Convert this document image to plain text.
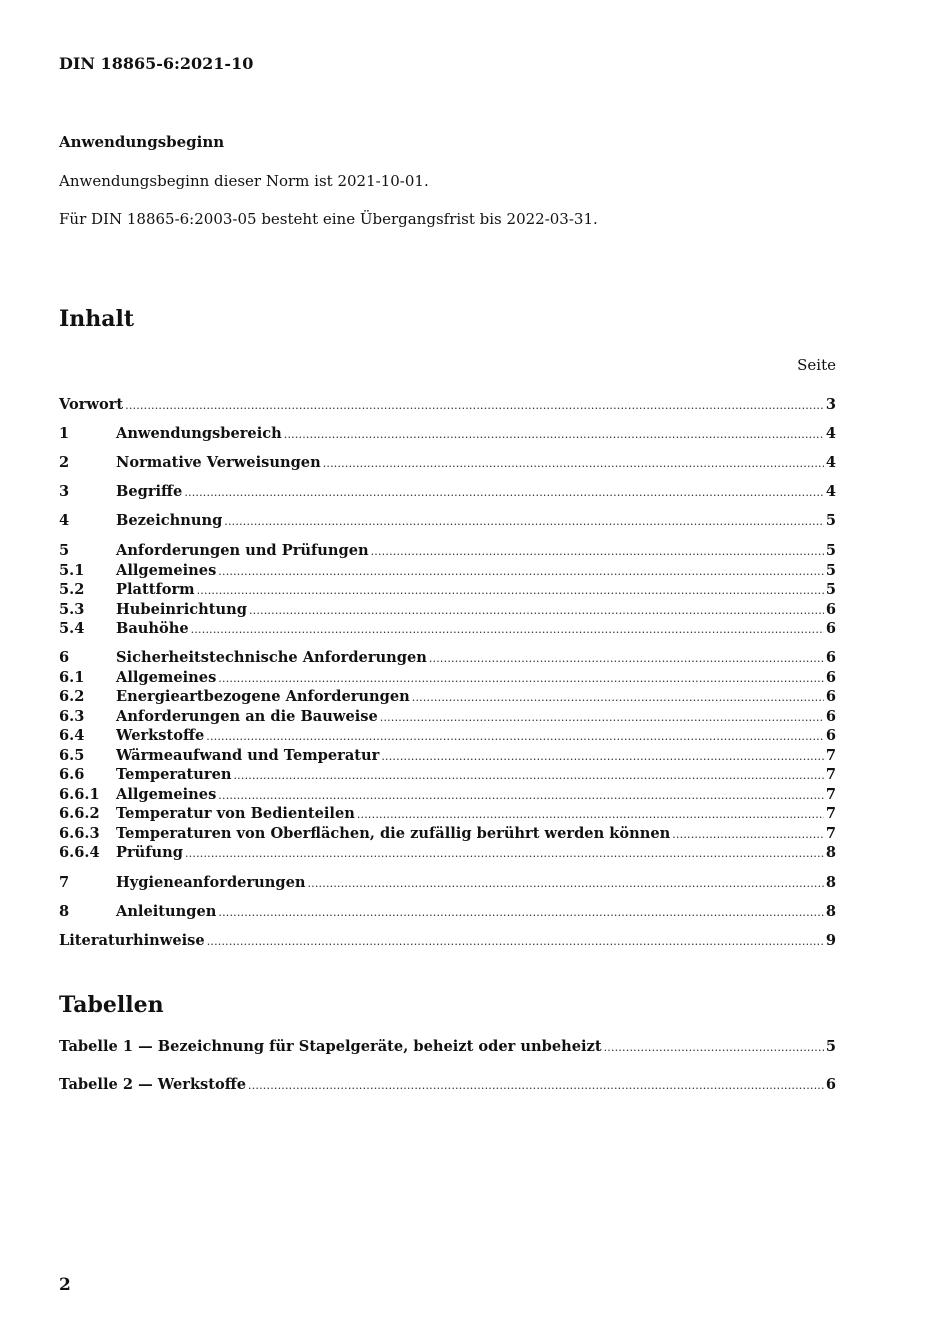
DIN 18865-6:2021-10
Anwendungsbeginn
Anwendungsbeginn dieser Norm ist 2021-10-01.
Für DIN 18865-6:2003-05 besteht eine Übergangsfrist bis 2022-03-31.
Inhalt
Seite
Vorwort .....	3
1	Anwendungsbereich .....	4
2	Normative Verweisungen .....	4
3	Begriffe .....	4
4	Bezeichnung .....	5
5	Anforderungen und Prüfungen .....	5
5.1	Allgemeines .....	5
5.2	Plattform .....	5
5.3	Hubeinrichtung .....	6
5.4	Bauhöhe .....	6
6	Sicherheitstechnische Anforderungen .....	6
6.1	Allgemeines .....	6
6.2	Energieartbezogene Anforderungen .....	6
6.3	Anforderungen an die Bauweise .....	6
6.4	Werkstoffe .....	6
6.5	Wärmeaufwand und Temperatur .....	7
6.6	Temperaturen .....	7
6.6.1	Allgemeines .....	7
6.6.2	Temperatur von Bedienteilen .....	7
6.6.3	Temperaturen von Oberflächen, die zufällig berührt werden können .....	7
6.6.4	Prüfung .....	8
7	Hygieneanforderungen .....	8
8	Anleitungen .....	8
Literaturhinweise .....	9
Tabellen
Tabelle 1 — Bezeichnung für Stapelgeräte, beheizt oder unbeheizt .....	5
Tabelle 2 — Werkstoffe .....	6
2
